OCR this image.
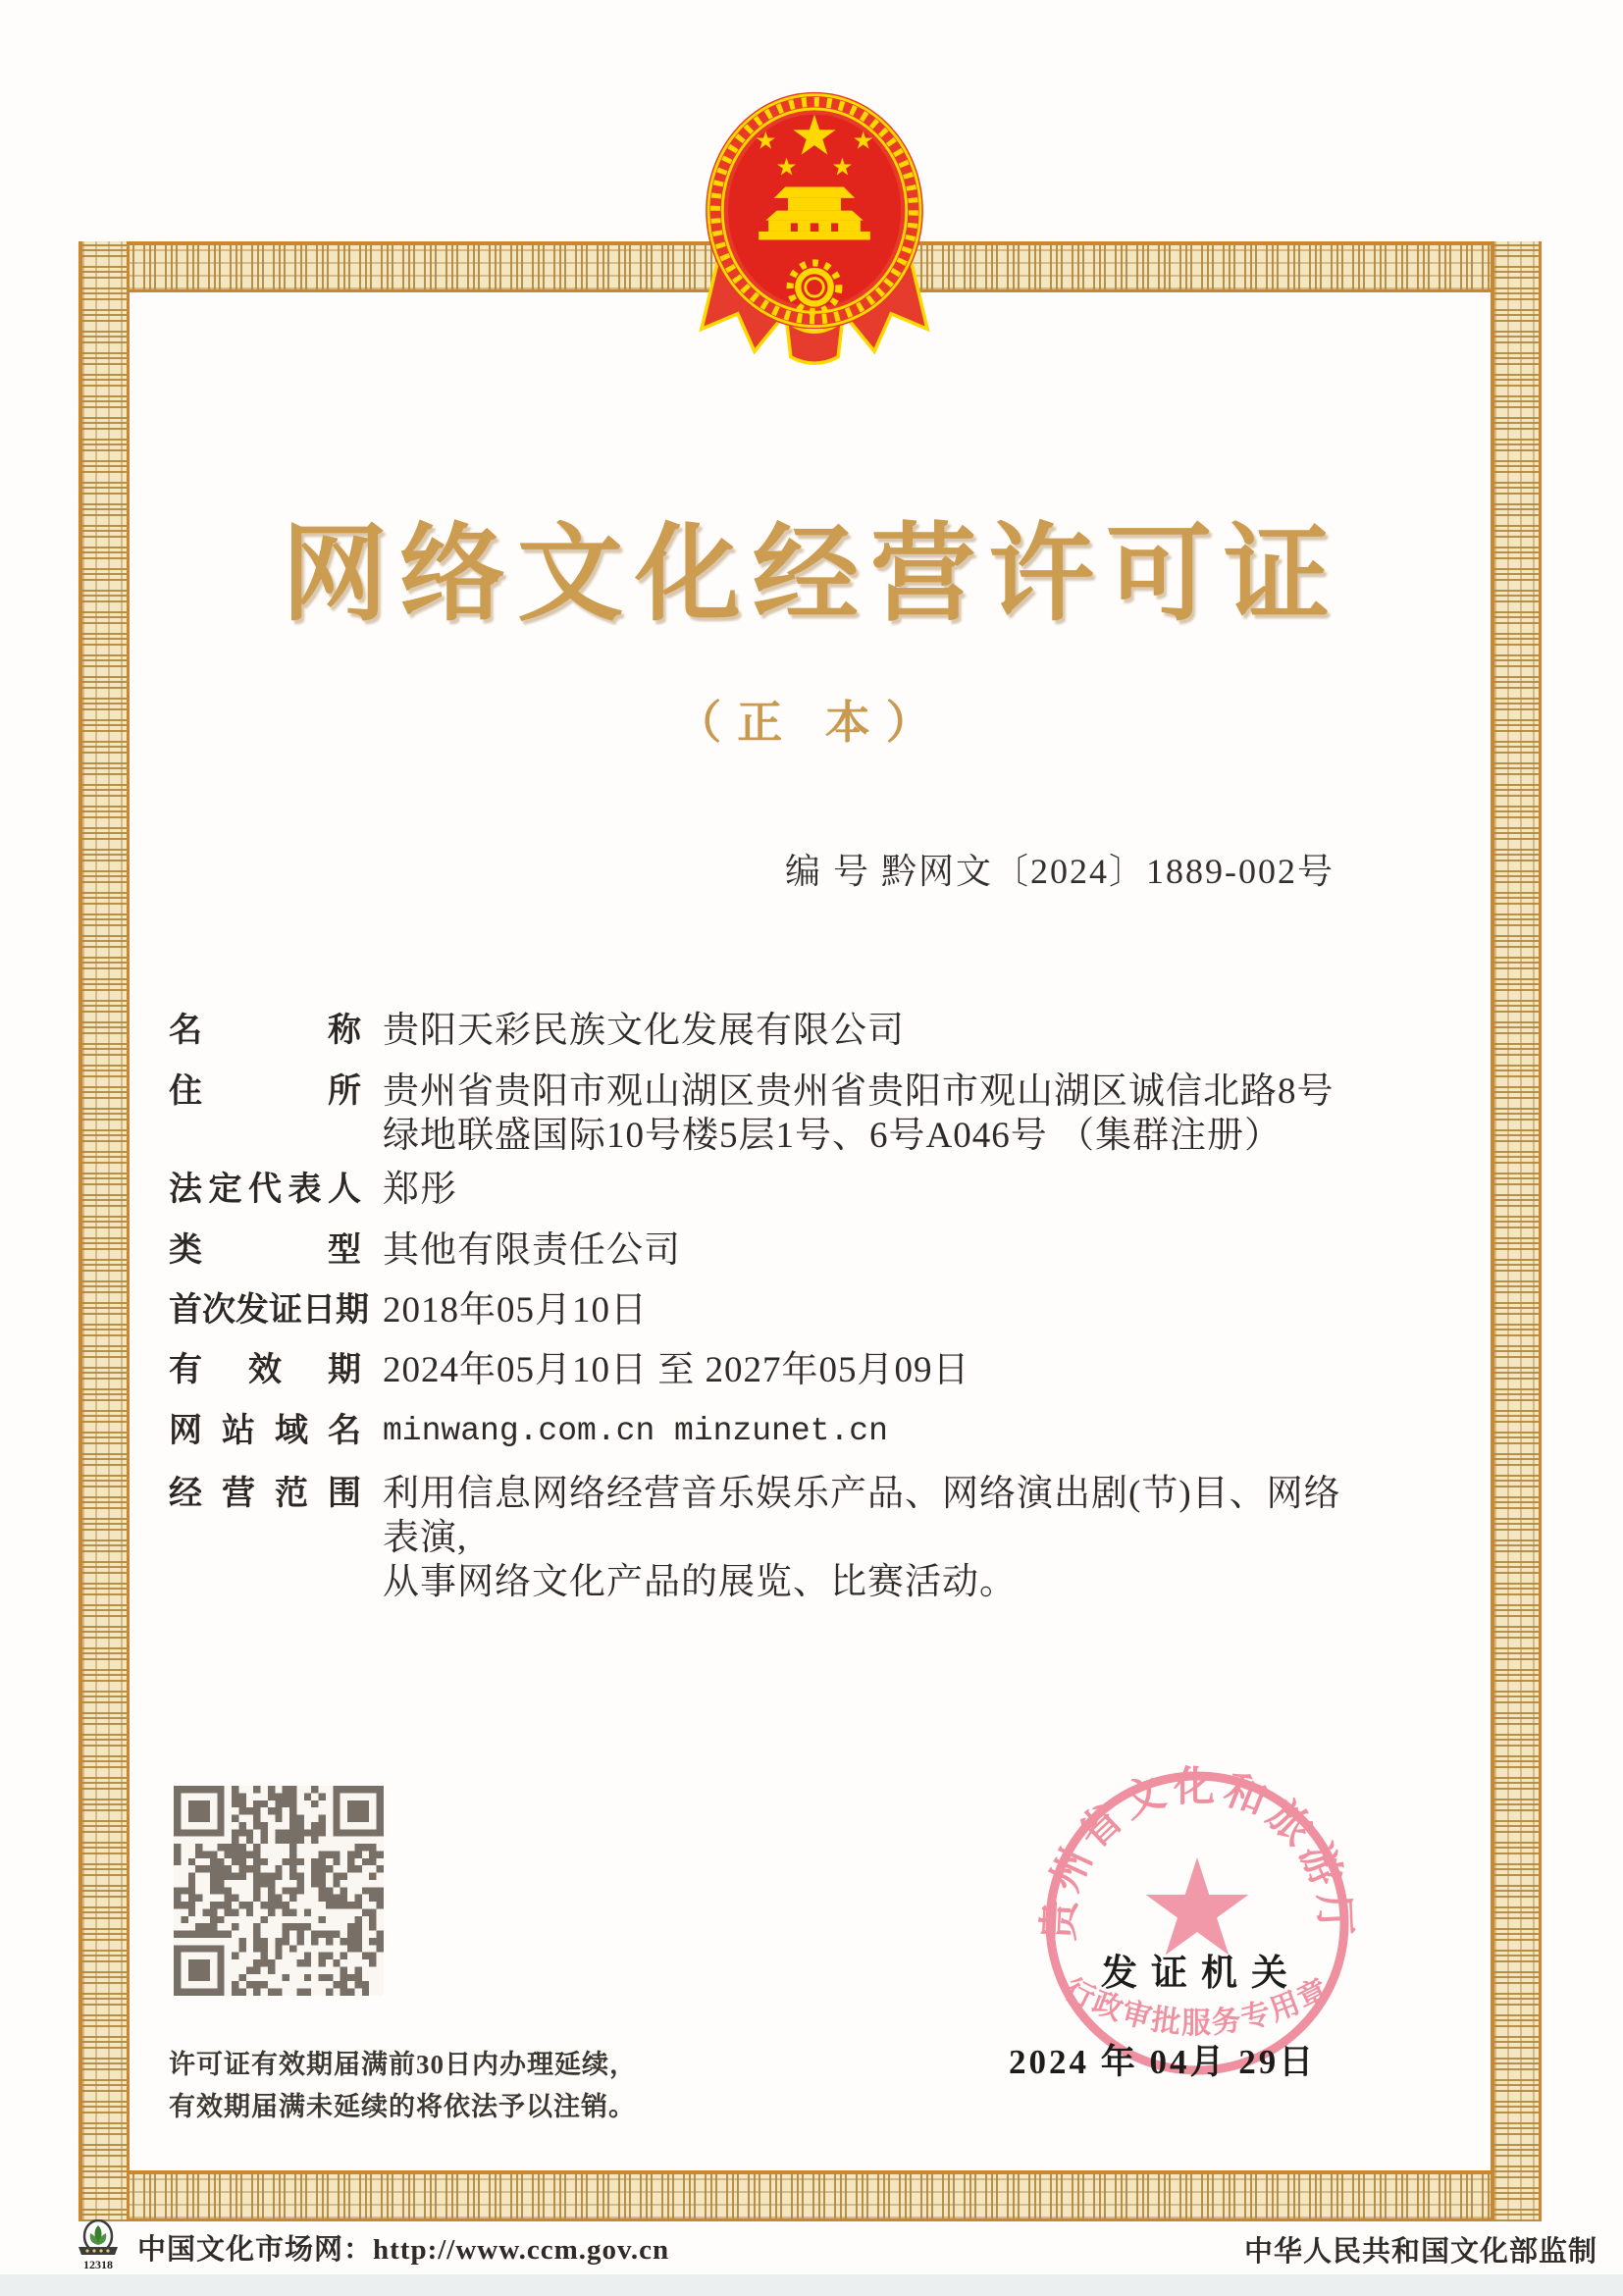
网络文化经营许可证
（正 本）
编 号 黔网文〔2024〕1889-002号
名称 贵阳天彩民族文化发展有限公司
住所 贵州省贵阳市观山湖区贵州省贵阳市观山湖区诚信北路8号
绿地联盛国际10号楼5层1号、6号A046号 （集群注册）
法定代表人 郑彤
类型 其他有限责任公司
首次发证日期 2018年05月10日
有效期 2024年05月10日 至 2027年05月09日
网站域名 minwang.com.cn minzunet.cn
经营范围 利用信息网络经营音乐娱乐产品、网络演出剧(节)目、网络
表演,
从事网络文化产品的展览、比赛活动。
许可证有效期届满前30日内办理延续，
有效期届满未延续的将依法予以注销。
发证机关
2024 年 04月 29日
贵州省文化和旅游厅
行政审批服务专用章
12318 中国文化市场网：http://www.ccm.gov.cn	中华人民共和国文化部监制
